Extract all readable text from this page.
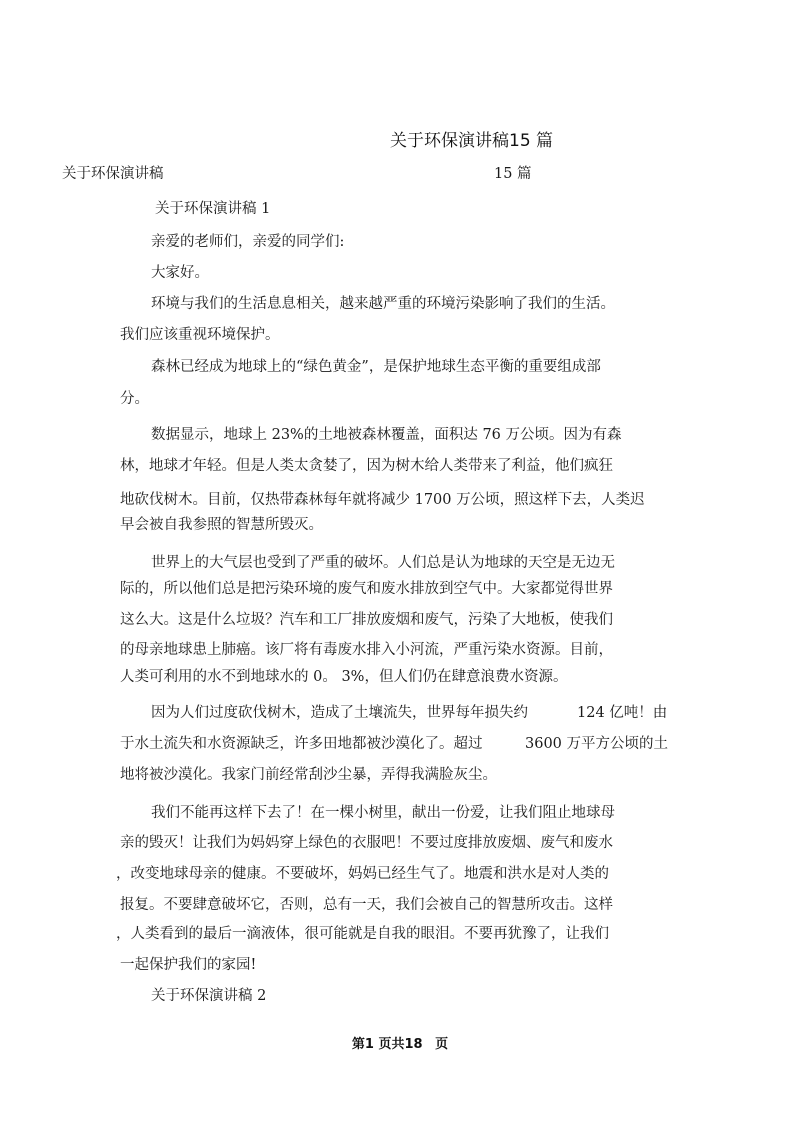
关于环保演讲稿15 篇
关于环保演讲稿	15 篇
关于环保演讲稿 1
亲爱的老师们，亲爱的同学们:
大家好。
环境与我们的生活息息相关，越来越严重的环境污染影响了我们的生活。
我们应该重视环境保护。
森林已经成为地球上的“绿色黄金”，是保护地球生态平衡的重要组成部
分。
数据显示，地球上 23%的土地被森林覆盖，面积达 76 万公顷。因为有森
林，地球才年轻。但是人类太贪婪了，因为树木给人类带来了利益，他们疯狂
地砍伐树木。目前，仅热带森林每年就将减少 1700 万公顷，照这样下去，人类迟
早会被自我参照的智慧所毁灭。
世界上的大气层也受到了严重的破坏。人们总是认为地球的天空是无边无
际的，所以他们总是把污染环境的废气和废水排放到空气中。大家都觉得世界
这么大。这是什么垃圾？汽车和工厂排放废烟和废气，污染了大地板，使我们
的母亲地球患上肺癌。该厂将有毒废水排入小河流，严重污染水资源。目前，
人类可利用的水不到地球水的 0。 3%，但人们仍在肆意浪费水资源。
因为人们过度砍伐树木，造成了土壤流失，世界每年损失约	124 亿吨！由
于水土流失和水资源缺乏，许多田地都被沙漠化了。超过	3600 万平方公顷的土
地将被沙漠化。我家门前经常刮沙尘暴，弄得我满脸灰尘。
我们不能再这样下去了！在一棵小树里，献出一份爱，让我们阻止地球母
亲的毁灭！让我们为妈妈穿上绿色的衣服吧！不要过度排放废烟、废气和废水
，改变地球母亲的健康。不要破坏，妈妈已经生气了。地震和洪水是对人类的
报复。不要肆意破坏它，否则，总有一天，我们会被自己的智慧所攻击。这样
，人类看到的最后一滴液体，很可能就是自我的眼泪。不要再犹豫了，让我们
一起保护我们的家园!
关于环保演讲稿 2
第1 页共18 页
